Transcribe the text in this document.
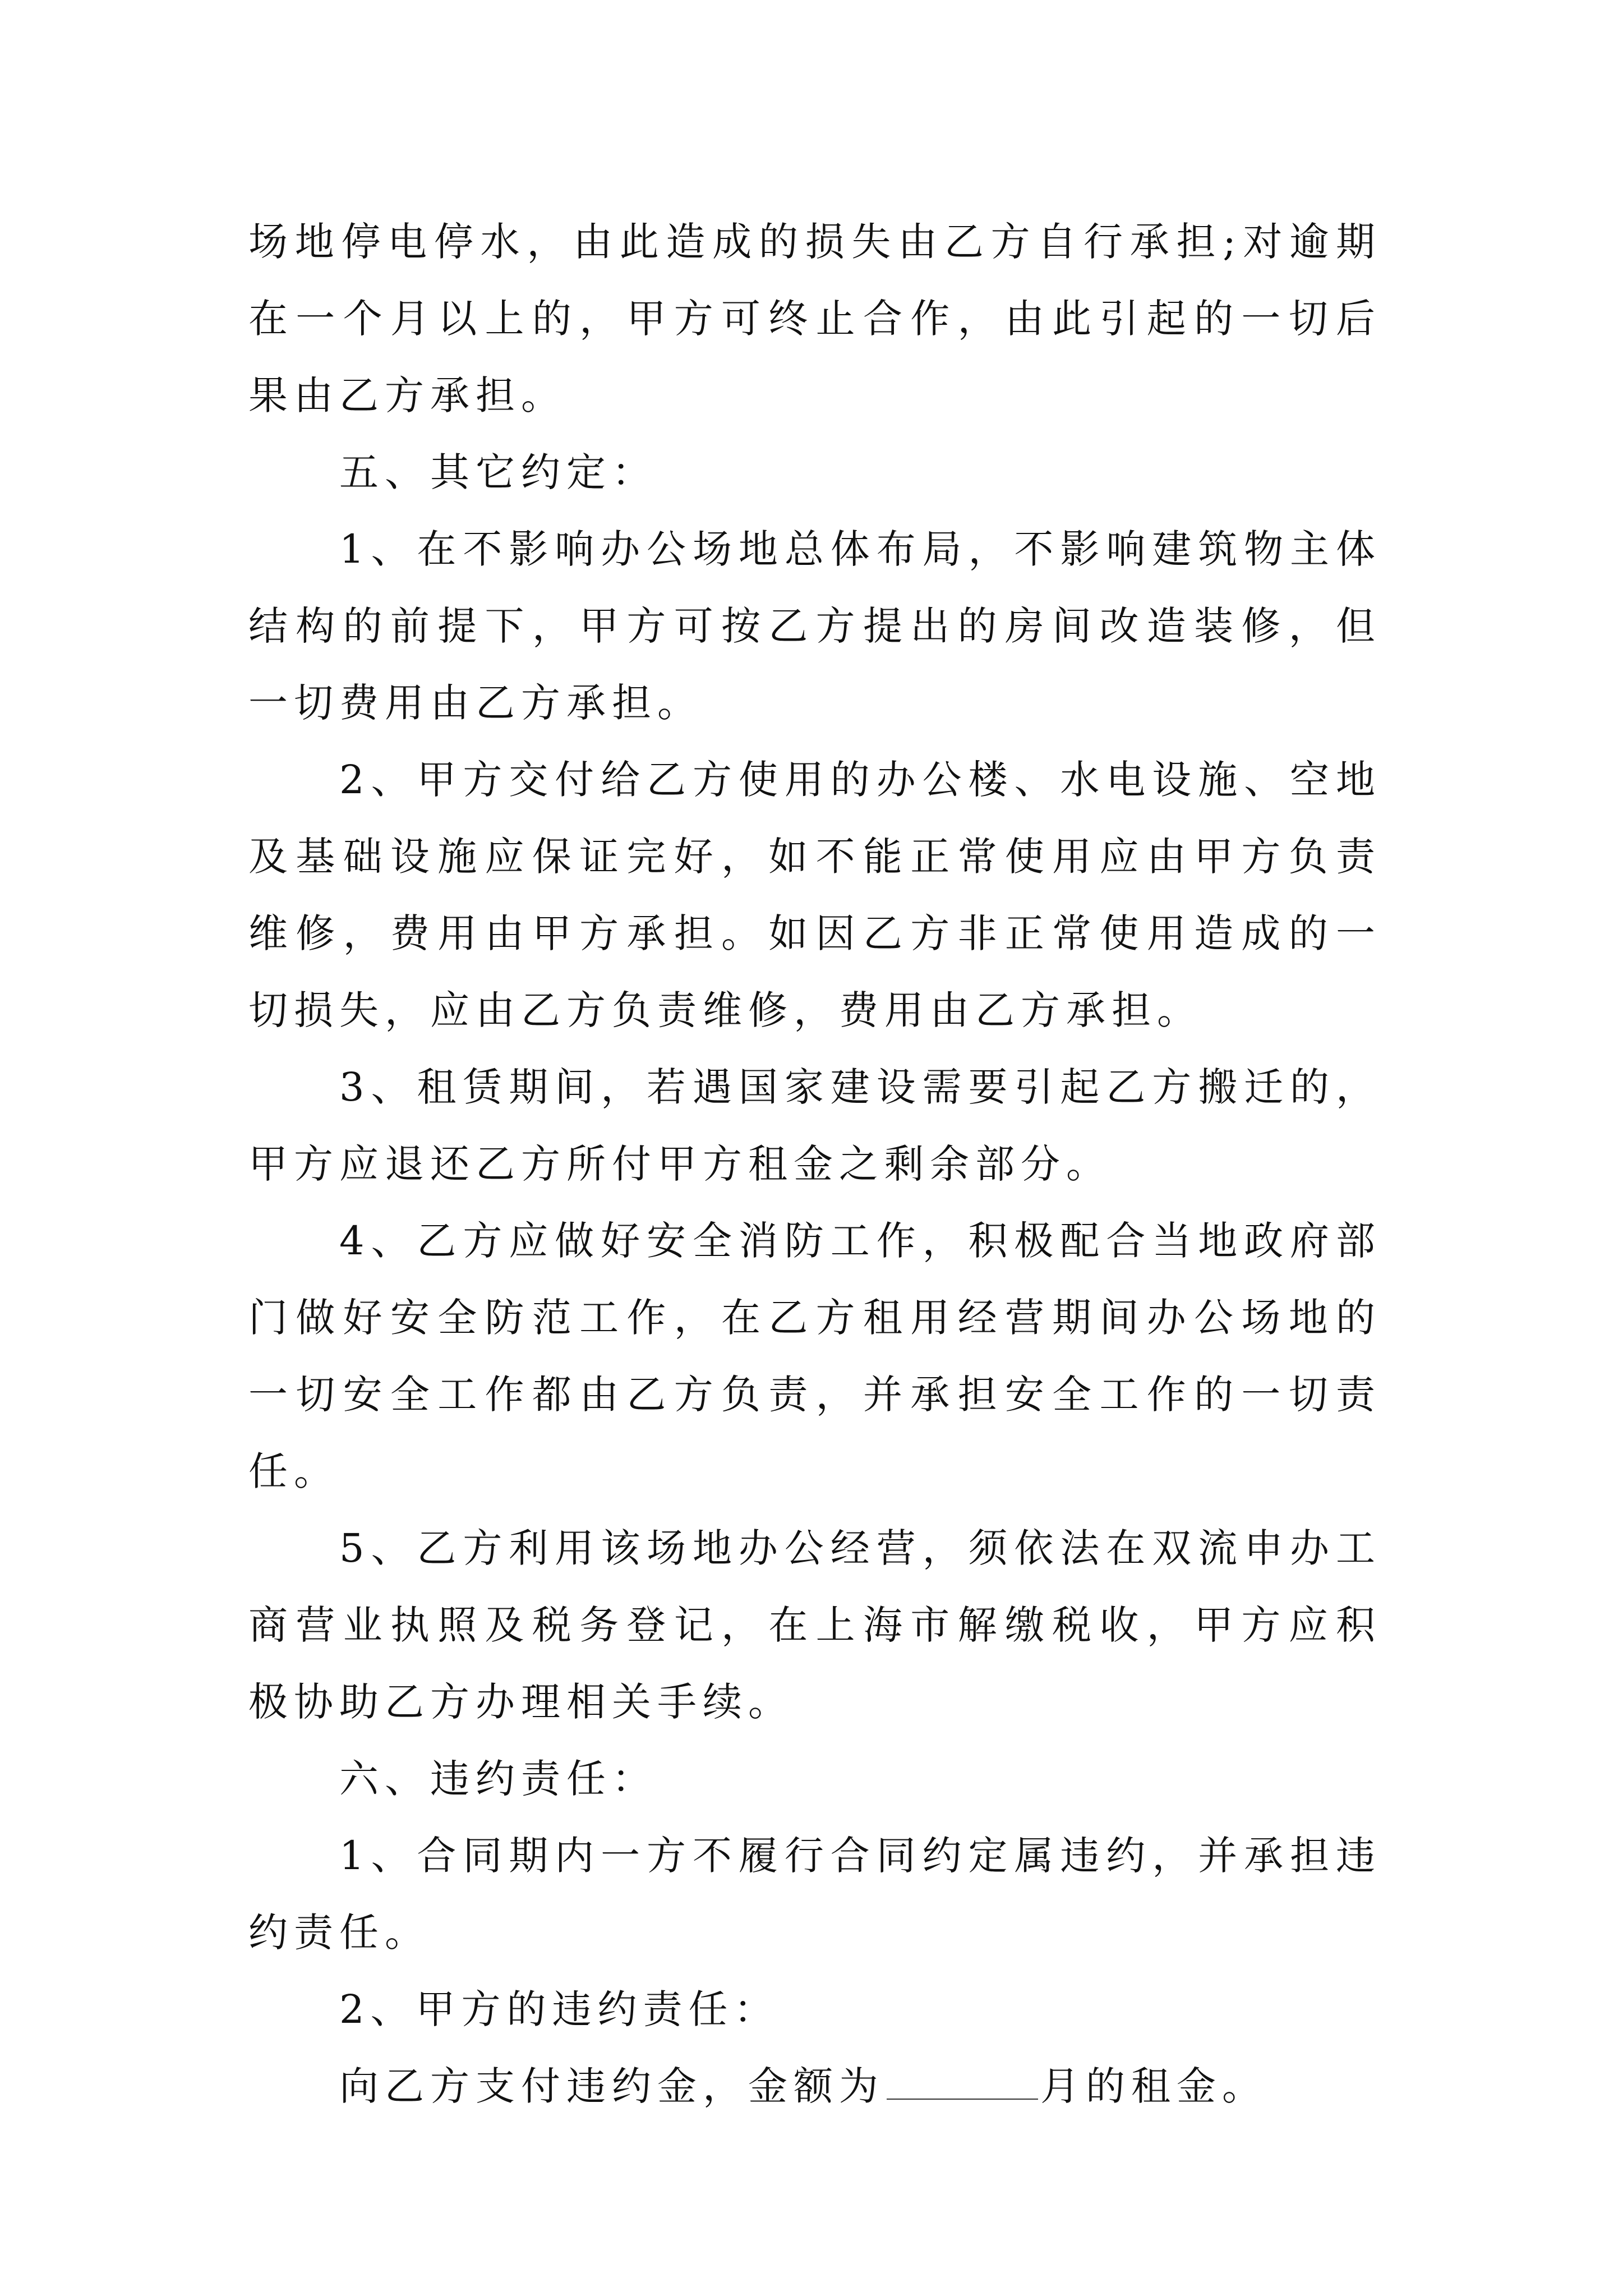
场地停电停水，由此造成的损失由乙方自行承担;对逾期在一个月以上的，甲方可终止合作，由此引起的一切后果由乙方承担。

五、其它约定：

1、在不影响办公场地总体布局，不影响建筑物主体结构的前提下，甲方可按乙方提出的房间改造装修，但一切费用由乙方承担。

2、甲方交付给乙方使用的办公楼、水电设施、空地及基础设施应保证完好，如不能正常使用应由甲方负责维修，费用由甲方承担。如因乙方非正常使用造成的一切损失，应由乙方负责维修，费用由乙方承担。

3、租赁期间，若遇国家建设需要引起乙方搬迁的，甲方应退还乙方所付甲方租金之剩余部分。

4、乙方应做好安全消防工作，积极配合当地政府部门做好安全防范工作，在乙方租用经营期间办公场地的一切安全工作都由乙方负责，并承担安全工作的一切责任。

5、乙方利用该场地办公经营，须依法在双流申办工商营业执照及税务登记，在上海市解缴税收，甲方应积极协助乙方办理相关手续。

六、违约责任：

1、合同期内一方不履行合同约定属违约，并承担违约责任。

2、甲方的违约责任：

向乙方支付违约金，金额为	月的租金。
